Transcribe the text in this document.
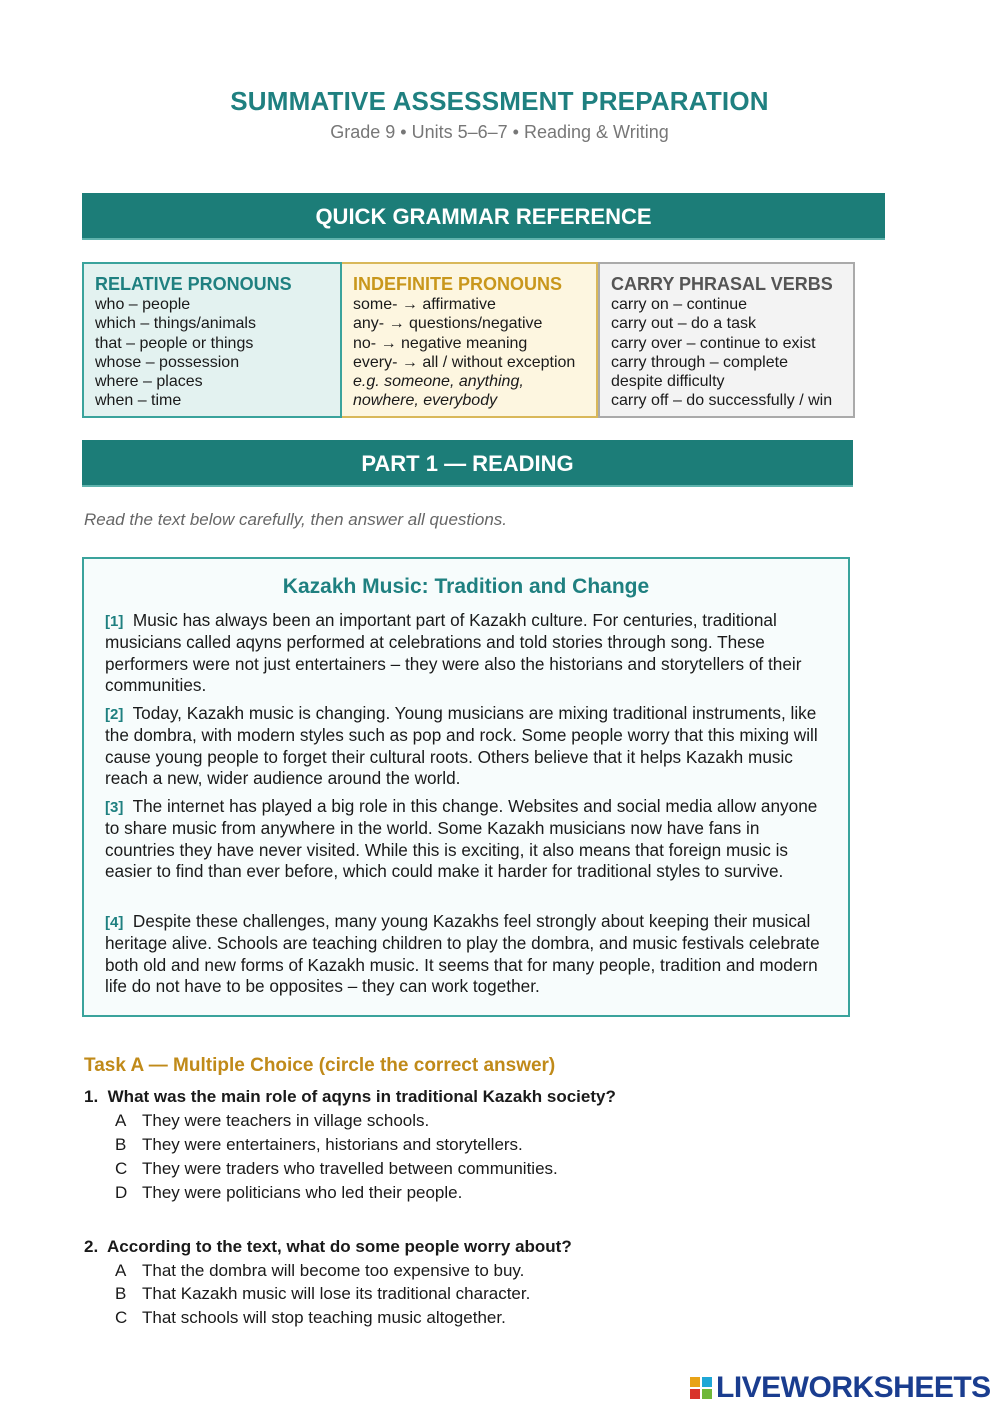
SUMMATIVE ASSESSMENT PREPARATION
Grade 9 • Units 5–6–7 • Reading & Writing
QUICK GRAMMAR REFERENCE
RELATIVE PRONOUNS
who – people
which – things/animals
that – people or things
whose – possession
where – places
when – time
INDEFINITE PRONOUNS
some- → affirmative
any- → questions/negative
no- → negative meaning
every- → all / without exception
e.g. someone, anything,
nowhere, everybody
CARRY PHRASAL VERBS
carry on – continue
carry out – do a task
carry over – continue to exist
carry through – complete
despite difficulty
carry off – do successfully / win
PART 1 — READING
Read the text below carefully, then answer all questions.
Kazakh Music: Tradition and Change
[1] Music has always been an important part of Kazakh culture. For centuries, traditional musicians called aqyns performed at celebrations and told stories through song. These performers were not just entertainers – they were also the historians and storytellers of their communities.
[2] Today, Kazakh music is changing. Young musicians are mixing traditional instruments, like the dombra, with modern styles such as pop and rock. Some people worry that this mixing will cause young people to forget their cultural roots. Others believe that it helps Kazakh music reach a new, wider audience around the world.
[3] The internet has played a big role in this change. Websites and social media allow anyone to share music from anywhere in the world. Some Kazakh musicians now have fans in countries they have never visited. While this is exciting, it also means that foreign music is easier to find than ever before, which could make it harder for traditional styles to survive.
[4] Despite these challenges, many young Kazakhs feel strongly about keeping their musical heritage alive. Schools are teaching children to play the dombra, and music festivals celebrate both old and new forms of Kazakh music. It seems that for many people, tradition and modern life do not have to be opposites – they can work together.
Task A — Multiple Choice (circle the correct answer)
1. What was the main role of aqyns in traditional Kazakh society?
A They were teachers in village schools.
B They were entertainers, historians and storytellers.
C They were traders who travelled between communities.
D They were politicians who led their people.
2. According to the text, what do some people worry about?
A That the dombra will become too expensive to buy.
B That Kazakh music will lose its traditional character.
C That schools will stop teaching music altogether.
LIVEWORKSHEETS
